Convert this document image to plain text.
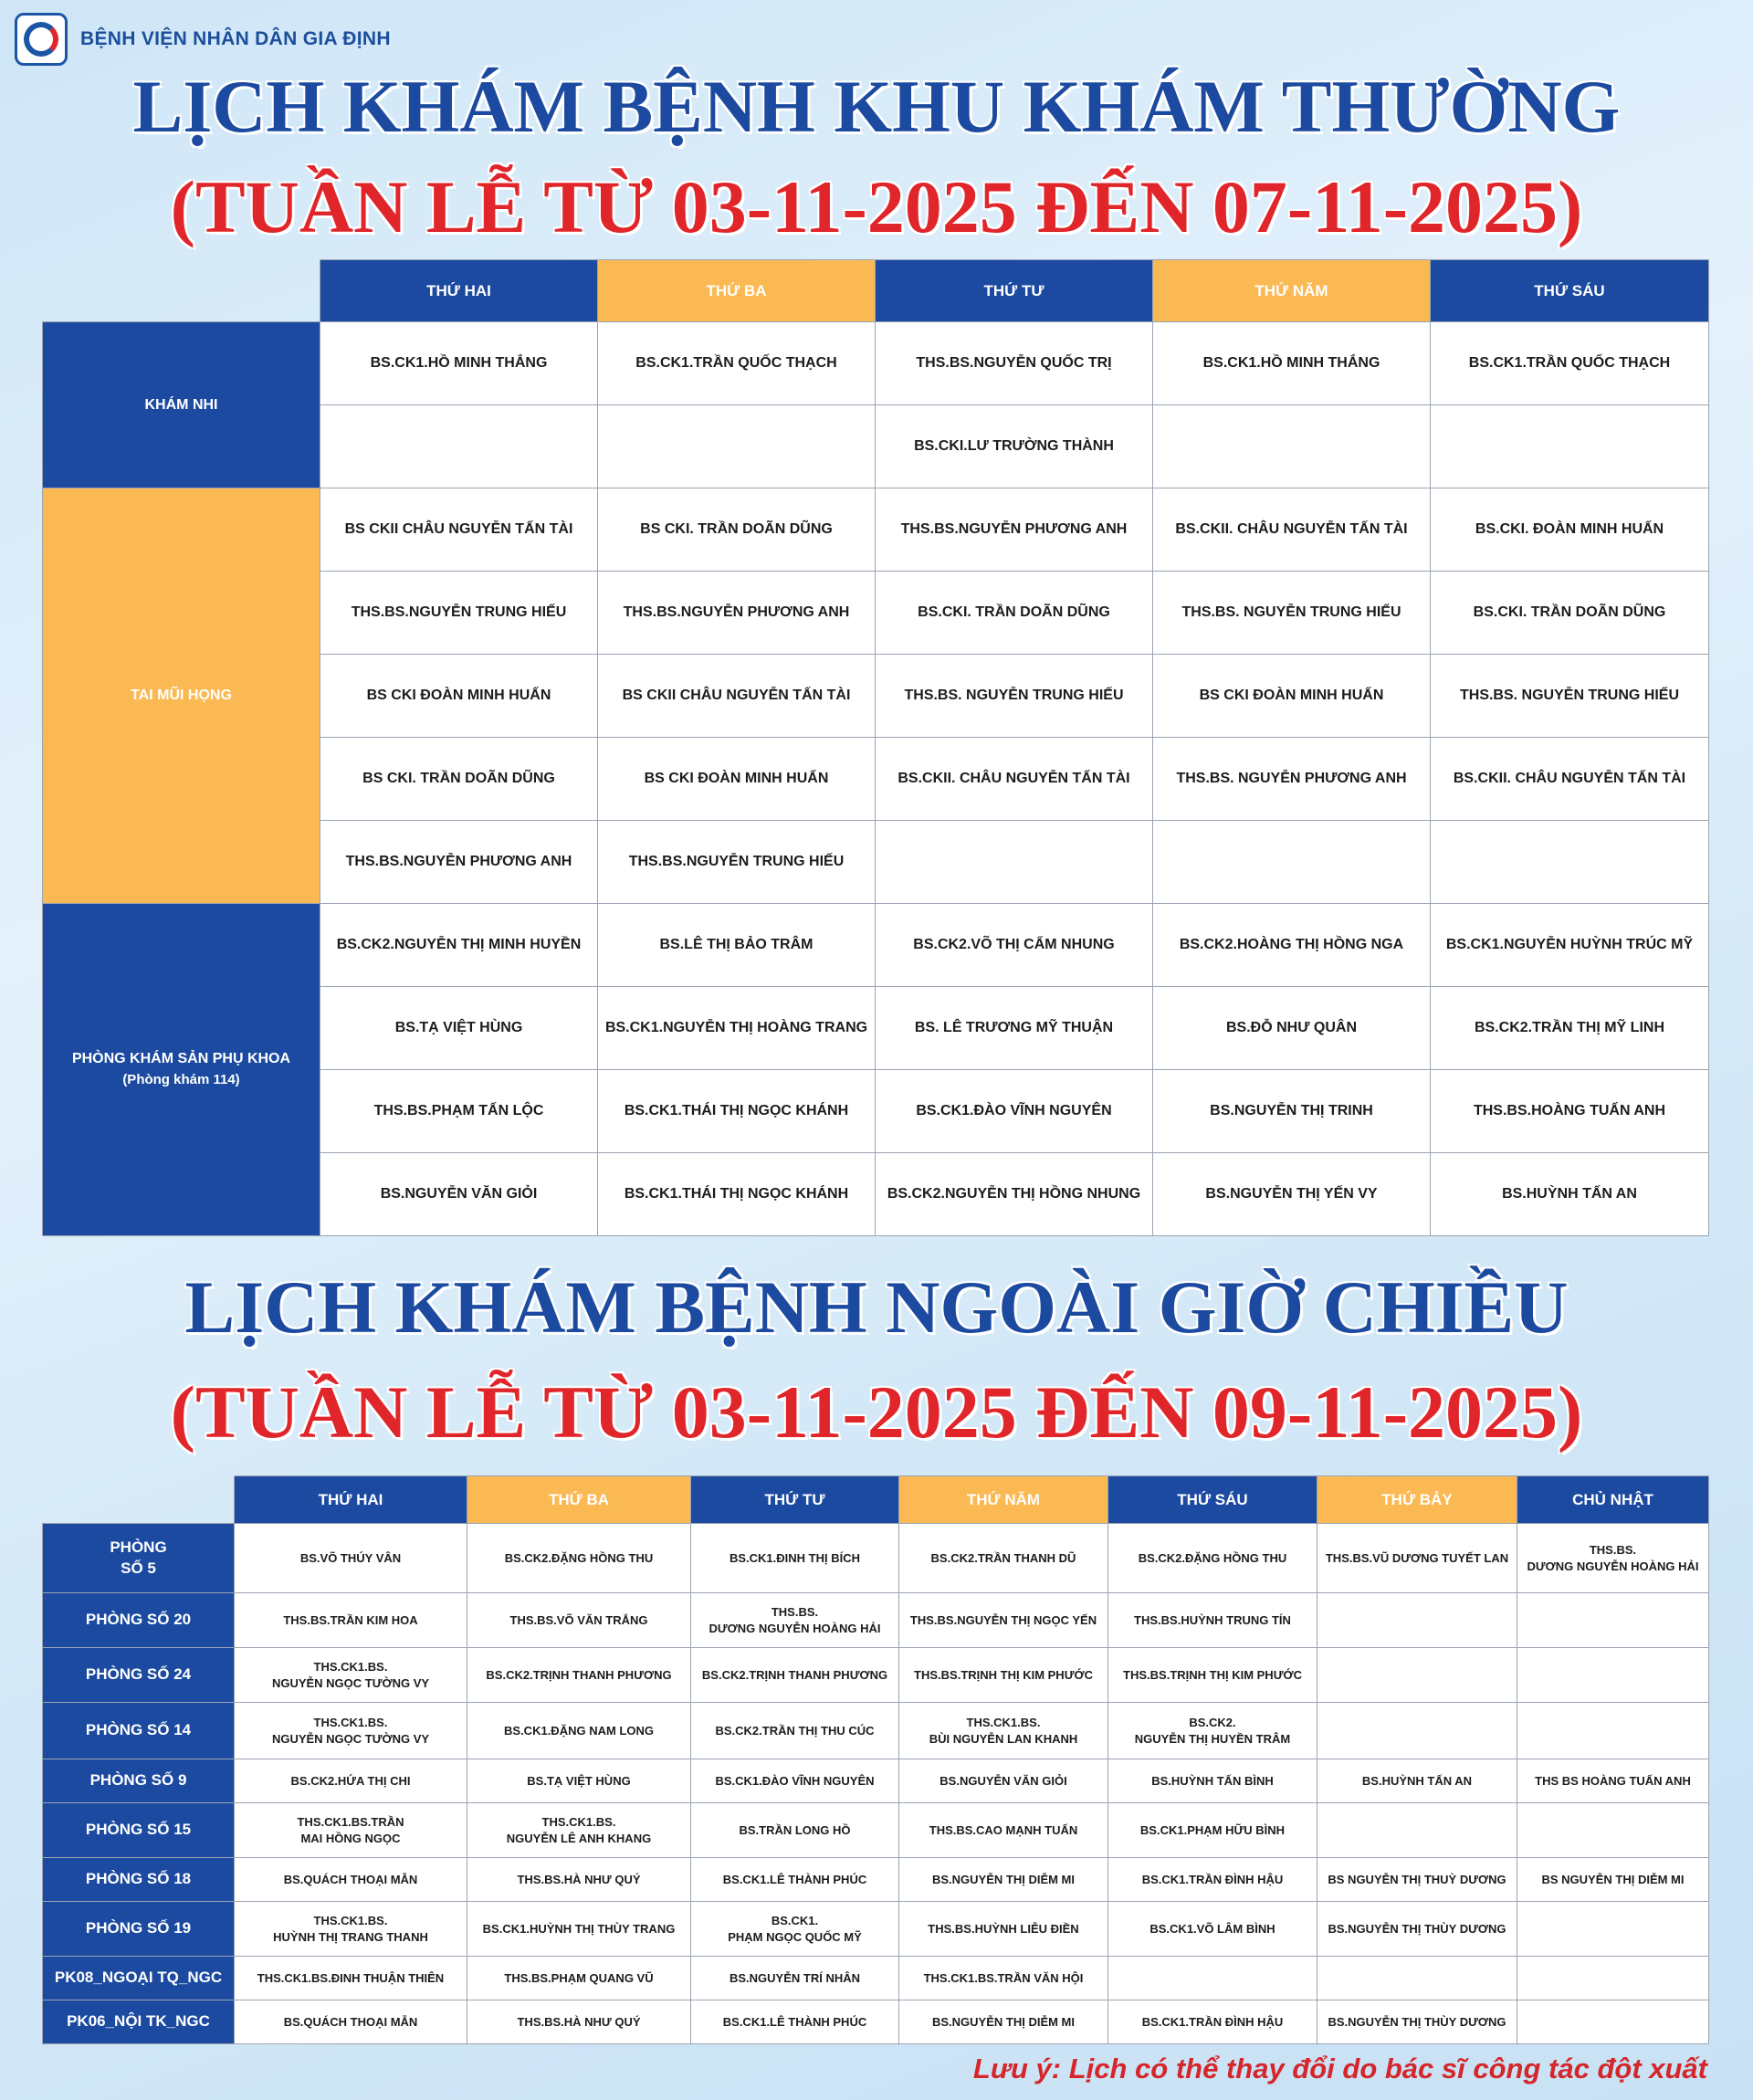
BỆNH VIỆN NHÂN DÂN GIA ĐỊNH
LỊCH KHÁM BỆNH KHU KHÁM THƯỜNG
(TUẦN LỄ TỪ 03-11-2025 ĐẾN 07-11-2025)
	THỨ HAI	THỨ BA	THỨ TƯ	THỨ NĂM	THỨ SÁU

KHÁM NHI	BS.CK1.HỒ MINH THẮNG	BS.CK1.TRẦN QUỐC THẠCH	THS.BS.NGUYỄN QUỐC TRỊ	BS.CK1.HỒ MINH THẮNG	BS.CK1.TRẦN QUỐC THẠCH
			BS.CKI.LƯ TRƯỜNG THÀNH		

TAI MŨI HỌNG	BS CKII CHÂU NGUYỄN TẤN TÀI	BS CKI. TRẦN DOÃN DŨNG	THS.BS.NGUYỄN PHƯƠNG ANH	BS.CKII. CHÂU NGUYỄN TẤN TÀI	BS.CKI. ĐOÀN MINH HUẤN
	THS.BS.NGUYỄN TRUNG HIẾU	THS.BS.NGUYỄN PHƯƠNG ANH	BS.CKI. TRẦN DOÃN DŨNG	THS.BS. NGUYỄN TRUNG HIẾU	BS.CKI. TRẦN DOÃN DŨNG
	BS CKI ĐOÀN MINH HUẤN	BS CKII CHÂU NGUYỄN TẤN TÀI	THS.BS. NGUYỄN TRUNG HIẾU	BS CKI ĐOÀN MINH HUẤN	THS.BS. NGUYỄN TRUNG HIẾU
	BS CKI. TRẦN DOÃN DŨNG	BS CKI ĐOÀN MINH HUẤN	BS.CKII. CHÂU NGUYỄN TẤN TÀI	THS.BS. NGUYỄN PHƯƠNG ANH	BS.CKII. CHÂU NGUYỄN TẤN TÀI
	THS.BS.NGUYỄN PHƯƠNG ANH	THS.BS.NGUYỄN TRUNG HIẾU			

PHÒNG KHÁM SẢN PHỤ KHOA
(Phòng khám 114)	BS.CK2.NGUYỄN THỊ MINH HUYỀN	BS.LÊ THỊ BẢO TRÂM	BS.CK2.VÕ THỊ CẨM NHUNG	BS.CK2.HOÀNG THỊ HỒNG NGA	BS.CK1.NGUYỄN HUỲNH TRÚC MỸ
	BS.TẠ VIỆT HÙNG	BS.CK1.NGUYỄN THỊ HOÀNG TRANG	BS. LÊ TRƯƠNG MỸ THUẬN	BS.ĐỖ NHƯ QUÂN	BS.CK2.TRẦN THỊ MỸ LINH
	THS.BS.PHẠM TẤN LỘC	BS.CK1.THÁI THỊ NGỌC KHÁNH	BS.CK1.ĐÀO VĨNH NGUYÊN	BS.NGUYỄN THỊ TRINH	THS.BS.HOÀNG TUẤN ANH
	BS.NGUYỄN VĂN GIỎI	BS.CK1.THÁI THỊ NGỌC KHÁNH	BS.CK2.NGUYỄN THỊ HỒNG NHUNG	BS.NGUYỄN THỊ YẾN VY	BS.HUỲNH TẤN AN
LỊCH KHÁM BỆNH NGOÀI GIỜ CHIỀU
(TUẦN LỄ TỪ 03-11-2025 ĐẾN 09-11-2025)
	THỨ HAI	THỨ BA	THỨ TƯ	THỨ NĂM	THỨ SÁU	THỨ BẢY	CHỦ NHẬT

PHÒNG
SỐ 5	BS.VÕ THÚY VÂN	BS.CK2.ĐẶNG HỒNG THU	BS.CK1.ĐINH THỊ BÍCH	BS.CK2.TRẦN THANH DŨ	BS.CK2.ĐẶNG HỒNG THU	THS.BS.VŨ DƯƠNG TUYẾT LAN	THS.BS.
DƯƠNG NGUYỄN HOÀNG HẢI

PHÒNG SỐ 20	THS.BS.TRẦN KIM HOA	THS.BS.VÕ VĂN TRẮNG	THS.BS.
DƯƠNG NGUYỄN HOÀNG HẢI	THS.BS.NGUYỄN THỊ NGỌC YẾN	THS.BS.HUỲNH TRUNG TÍN		

PHÒNG SỐ 24	THS.CK1.BS.
NGUYỄN NGỌC TƯỜNG VY	BS.CK2.TRỊNH THANH PHƯƠNG	BS.CK2.TRỊNH THANH PHƯƠNG	THS.BS.TRỊNH THỊ KIM PHƯỚC	THS.BS.TRỊNH THỊ KIM PHƯỚC		

PHÒNG SỐ 14	THS.CK1.BS.
NGUYỄN NGỌC TƯỜNG VY	BS.CK1.ĐẶNG NAM LONG	BS.CK2.TRẦN THỊ THU CÚC	THS.CK1.BS.
BÙI NGUYỄN LAN KHANH	BS.CK2.
NGUYỄN THỊ HUYỀN TRÂM		

PHÒNG SỐ 9	BS.CK2.HỨA THỊ CHI	BS.TẠ VIỆT HÙNG	BS.CK1.ĐÀO VĨNH NGUYÊN	BS.NGUYỄN VĂN GIỎI	BS.HUỲNH TẤN BÌNH	BS.HUỲNH TẤN AN	THS BS HOÀNG TUẤN ANH

PHÒNG SỐ 15	THS.CK1.BS.TRẦN
MAI HỒNG NGỌC	THS.CK1.BS.
NGUYỄN LÊ ANH KHANG	BS.TRẦN LONG HỒ	THS.BS.CAO MẠNH TUẤN	BS.CK1.PHẠM HỮU BÌNH		

PHÒNG SỐ 18	BS.QUÁCH THOẠI MẪN	THS.BS.HÀ NHƯ QUÝ	BS.CK1.LÊ THÀNH PHÚC	BS.NGUYỄN THỊ DIỄM MI	BS.CK1.TRẦN ĐÌNH HẬU	BS NGUYỄN THỊ THUỲ DƯƠNG	BS NGUYỄN THỊ DIỄM MI

PHÒNG SỐ 19	THS.CK1.BS.
HUỲNH THỊ TRANG THANH	BS.CK1.HUỲNH THỊ THÙY TRANG	BS.CK1.
PHẠM NGỌC QUỐC MỸ	THS.BS.HUỲNH LIỄU ĐIỀN	BS.CK1.VÕ LÂM BÌNH	BS.NGUYỄN THỊ THÙY DƯƠNG	

PK08_NGOẠI TQ_NGC	THS.CK1.BS.ĐINH THUẬN THIÊN	THS.BS.PHẠM QUANG VŨ	BS.NGUYỄN TRÍ NHÂN	THS.CK1.BS.TRẦN VĂN HỘI			

PK06_NỘI TK_NGC	BS.QUÁCH THOẠI MẪN	THS.BS.HÀ NHƯ QUÝ	BS.CK1.LÊ THÀNH PHÚC	BS.NGUYỄN THỊ DIỄM MI	BS.CK1.TRẦN ĐÌNH HẬU	BS.NGUYỄN THỊ THÙY DƯƠNG	

Lưu ý: Lịch có thể thay đổi do bác sĩ công tác đột xuất
